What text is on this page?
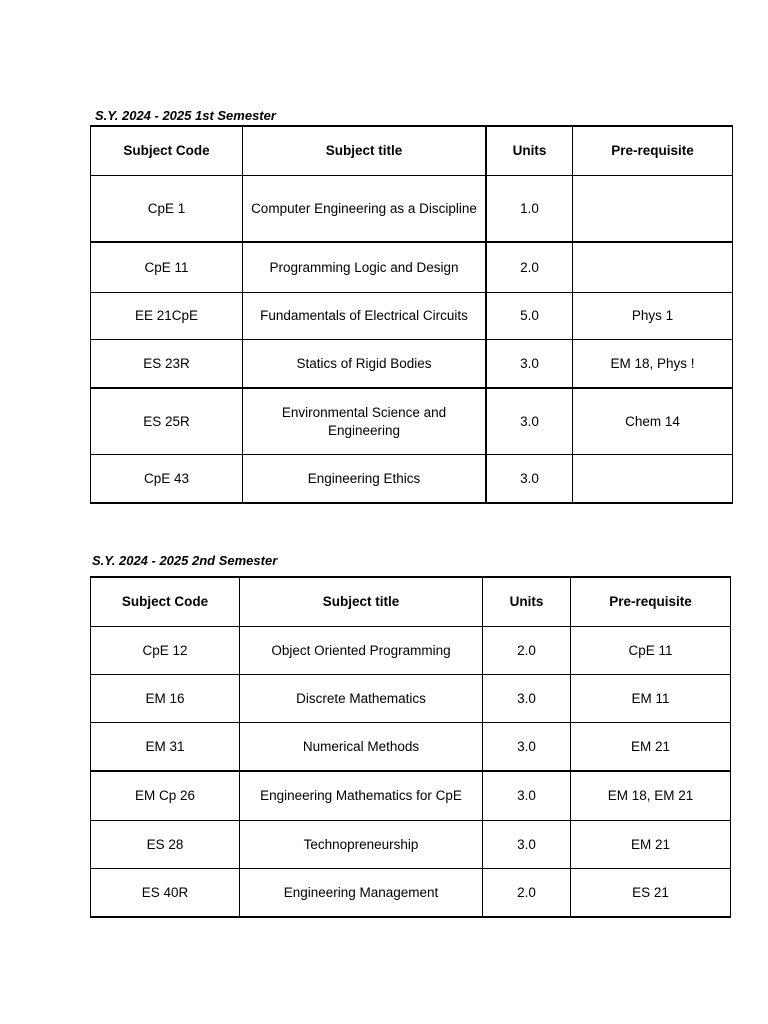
S.Y. 2024 - 2025 1st Semester
Subject Code	Subject title	Units	Pre-requisite
CpE 1	Computer Engineering as a Discipline	1.0	
CpE 11	Programming Logic and Design	2.0	
EE 21CpE	Fundamentals of Electrical Circuits	5.0	Phys 1
ES 23R	Statics of Rigid Bodies	3.0	EM 18, Phys !
ES 25R	Environmental Science and Engineering	3.0	Chem 14
CpE 43	Engineering Ethics	3.0	
S.Y. 2024 - 2025 2nd Semester
Subject Code	Subject title	Units	Pre-requisite
CpE 12	Object Oriented Programming	2.0	CpE 11
EM 16	Discrete Mathematics	3.0	EM 11
EM 31	Numerical Methods	3.0	EM 21
EM Cp 26	Engineering Mathematics for CpE	3.0	EM 18, EM 21
ES 28	Technopreneurship	3.0	EM 21
ES 40R	Engineering Management	2.0	ES 21
